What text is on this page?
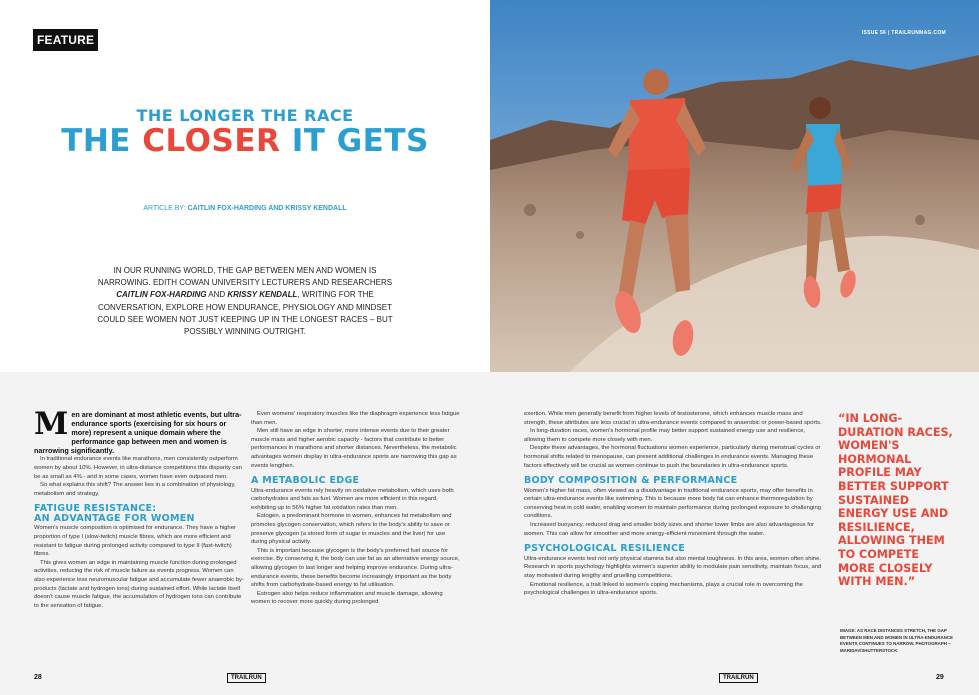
FEATURE
THE LONGER THE RACE
THE CLOSER IT GETS
ARTICLE BY: CAITLIN FOX-HARDING AND KRISSY KENDALL
IN OUR RUNNING WORLD, THE GAP BETWEEN MEN AND WOMEN IS NARROWING. EDITH COWAN UNIVERSITY LECTURERS AND RESEARCHERS CAITLIN FOX-HARDING AND KRISSY KENDALL, WRITING FOR THE CONVERSATION, EXPLORE HOW ENDURANCE, PHYSIOLOGY AND MINDSET COULD SEE WOMEN NOT JUST KEEPING UP IN THE LONGEST RACES – BUT POSSIBLY WINNING OUTRIGHT.
ISSUE 56 | TRAILRUNMAG.COM

Men are dominant at most athletic events, but ultra-endurance sports (exercising for six hours or more) represent a unique domain where the performance gap between men and women is narrowing significantly.

In traditional endurance events like marathons, men consistently outperform women by about 10%. However, in ultra-distance competitions this disparity can be as small as 4% - and in some cases, women have even outpaced men.

So what explains this shift? The answer lies in a combination of physiology, metabolism and strategy.

FATIGUE RESISTANCE:
AN ADVANTAGE FOR WOMEN

Women's muscle composition is optimised for endurance. They have a higher proportion of type I (slow-twitch) muscle fibres, which are more efficient and resistant to fatigue during prolonged activity compared to type II (fast-twitch) fibres.

This gives women an edge in maintaining muscle function during prolonged activities, reducing the risk of muscle failure as events progress. Women can also experience less neuromuscular fatigue and accumulate fewer anaerobic by-products (lactate and hydrogen ions) during sustained effort. While lactate itself doesn't cause muscle fatigue, the accumulation of hydrogen ions can contribute to the sensation of fatigue.

Even womens' respiratory muscles like the diaphragm experience less fatigue than men.

Men still have an edge in shorter, more intense events due to their greater muscle mass and higher aerobic capacity - factors that contribute to better performances in marathons and shorter distances. Nevertheless, the metabolic advantages women display in ultra-endurance sports are narrowing this gap as events lengthen.

A METABOLIC EDGE

Ultra-endurance events rely heavily on oxidative metabolism, which uses both carbohydrates and fats as fuel. Women are more efficient in this regard, exhibiting up to 56% higher fat oxidation rates than men.

Estogen, a predominant hormone in women, enhances fat metabolism and promotes glycogen conservation, which refers to the body's ability to save or preserve glycogen (a stored form of sugar in muscles and the liver) for use during physical activity.

This is important because glycogen is the body's preferred fuel source for exercise. By conserving it, the body can use fat as an alternative energy source, allowing glycogen to last longer and helping improve endurance. During ultra-endurance events, these benefits become increasingly important as the body shifts from carbohydrate-based energy to fat utilisation.

Estrogen also helps reduce inflammation and muscle damage, allowing women to recover more quickly during prolonged

exertion. While men generally benefit from higher levels of testosterone, which enhances muscle mass and strength, these attributes are less crucial in ultra-endurance events compared to anaerobic or power-based sports.

In long-duration races, women's hormonal profile may better support sustained energy use and resilience, allowing them to compete more closely with men.

Despite these advantages, the hormonal fluctuations women experience, particularly during menstrual cycles or hormonal shifts related to menopause, can present additional challenges in endurance events. Managing these factors effectively will be crucial as women continue to push the boundaries in ultra-endurance sports.

BODY COMPOSITION & PERFORMANCE

Women's higher fat mass, often viewed as a disadvantage in traditional endurance sports, may offer benefits in certain ultra-endurance events like swimming. This is because more body fat can enhance thermoregulation by conserving heat in cold water, enabling women to maintain performance during prolonged exposure to challenging conditions.

Increased buoyancy, reduced drag and smaller body sizes and shorter lower limbs are also advantageous for women. This can allow for smoother and more energy-efficient movement through the water.

PSYCHOLOGICAL RESILIENCE

Ultra-endurance events test not only physical stamina but also mental toughness. In this area, women often shine. Research in sports psychology highlights women's superior ability to modulate pain sensitivity, maintain focus, and stay motivated during lengthy and gruelling competitions.

Emotional resilience, a trait linked to women's coping mechanisms, plays a crucial role in overcoming the psychological challenges in ultra-endurance sports.

“IN LONG-DURATION RACES, WOMEN'S HORMONAL PROFILE MAY BETTER SUPPORT SUSTAINED ENERGY USE AND RESILIENCE, ALLOWING THEM TO COMPETE MORE CLOSELY WITH MEN.”
IMAGE: AS RACE DISTANCES STRETCH, THE GAP BETWEEN MEN AND WOMEN IN ULTRA-ENDURANCE EVENTS CONTINUES TO NARROW. PHOTOGRAPH – MARIDAV/SHUTTERSTOCK
28	TRAILRUN	TRAILRUN	29
